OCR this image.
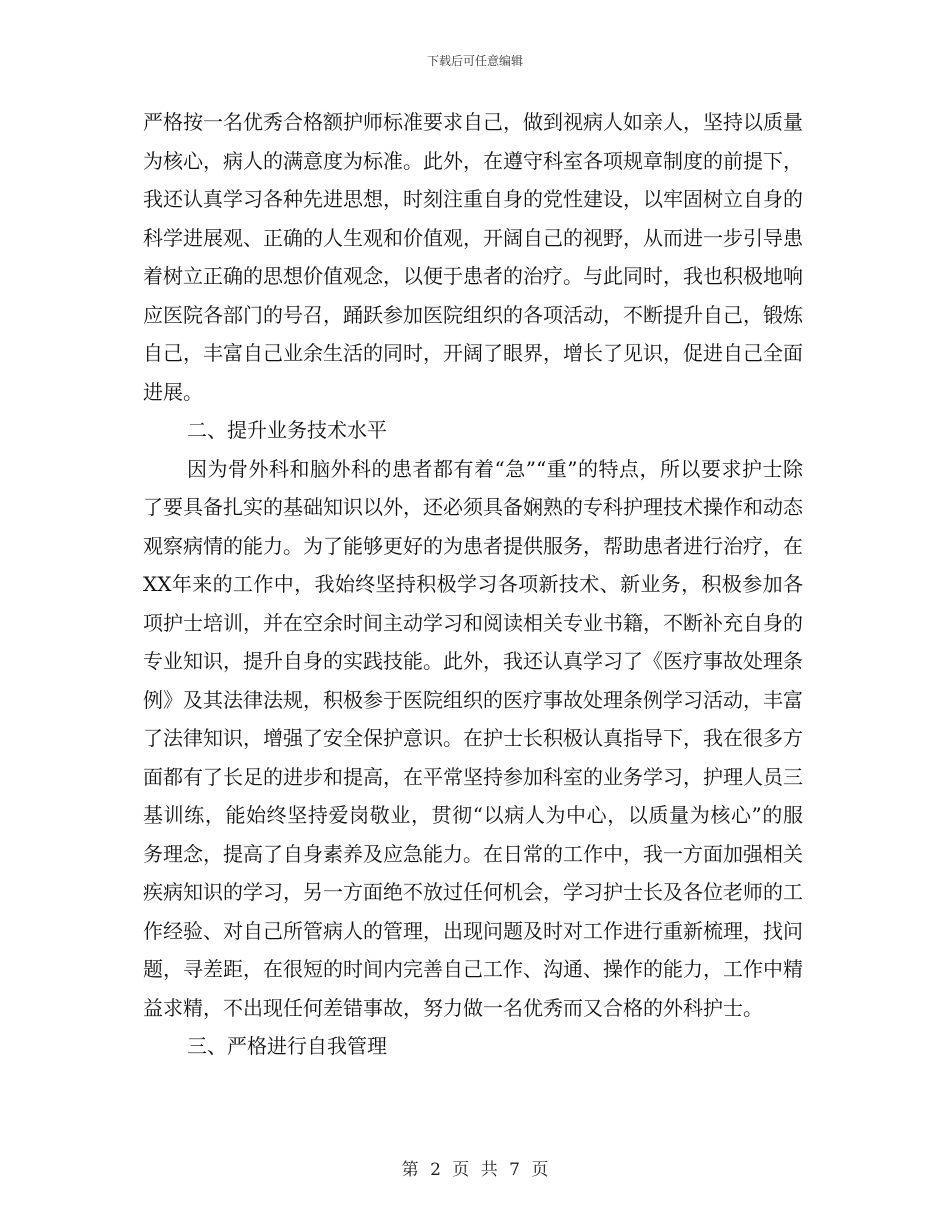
下载后可任意编辑

严格按一名优秀合格额护师标准要求自己，做到视病人如亲人，坚持以质量为核心，病人的满意度为标准。此外，在遵守科室各项规章制度的前提下，我还认真学习各种先进思想，时刻注重自身的党性建设，以牢固树立自身的科学进展观、正确的人生观和价值观，开阔自己的视野，从而进一步引导患着树立正确的思想价值观念，以便于患者的治疗。与此同时，我也积极地响应医院各部门的号召，踊跃参加医院组织的各项活动，不断提升自己，锻炼自己，丰富自己业余生活的同时，开阔了眼界，增长了见识，促进自己全面进展。

二、提升业务技术水平

因为骨外科和脑外科的患者都有着“急”“重”的特点，所以要求护士除了要具备扎实的基础知识以外，还必须具备娴熟的专科护理技术操作和动态观察病情的能力。为了能够更好的为患者提供服务，帮助患者进行治疗，在XX年来的工作中，我始终坚持积极学习各项新技术、新业务，积极参加各项护士培训，并在空余时间主动学习和阅读相关专业书籍，不断补充自身的专业知识，提升自身的实践技能。此外，我还认真学习了《医疗事故处理条例》及其法律法规，积极参于医院组织的医疗事故处理条例学习活动，丰富了法律知识，增强了安全保护意识。在护士长积极认真指导下，我在很多方面都有了长足的进步和提高，在平常坚持参加科室的业务学习，护理人员三基训练，能始终坚持爱岗敬业，贯彻“以病人为中心，以质量为核心”的服务理念，提高了自身素养及应急能力。在日常的工作中，我一方面加强相关疾病知识的学习，另一方面绝不放过任何机会，学习护士长及各位老师的工作经验、对自己所管病人的管理，出现问题及时对工作进行重新梳理，找问题，寻差距，在很短的时间内完善自己工作、沟通、操作的能力，工作中精益求精，不出现任何差错事故，努力做一名优秀而又合格的外科护士。

三、严格进行自我管理

第 2 页 共 7 页
